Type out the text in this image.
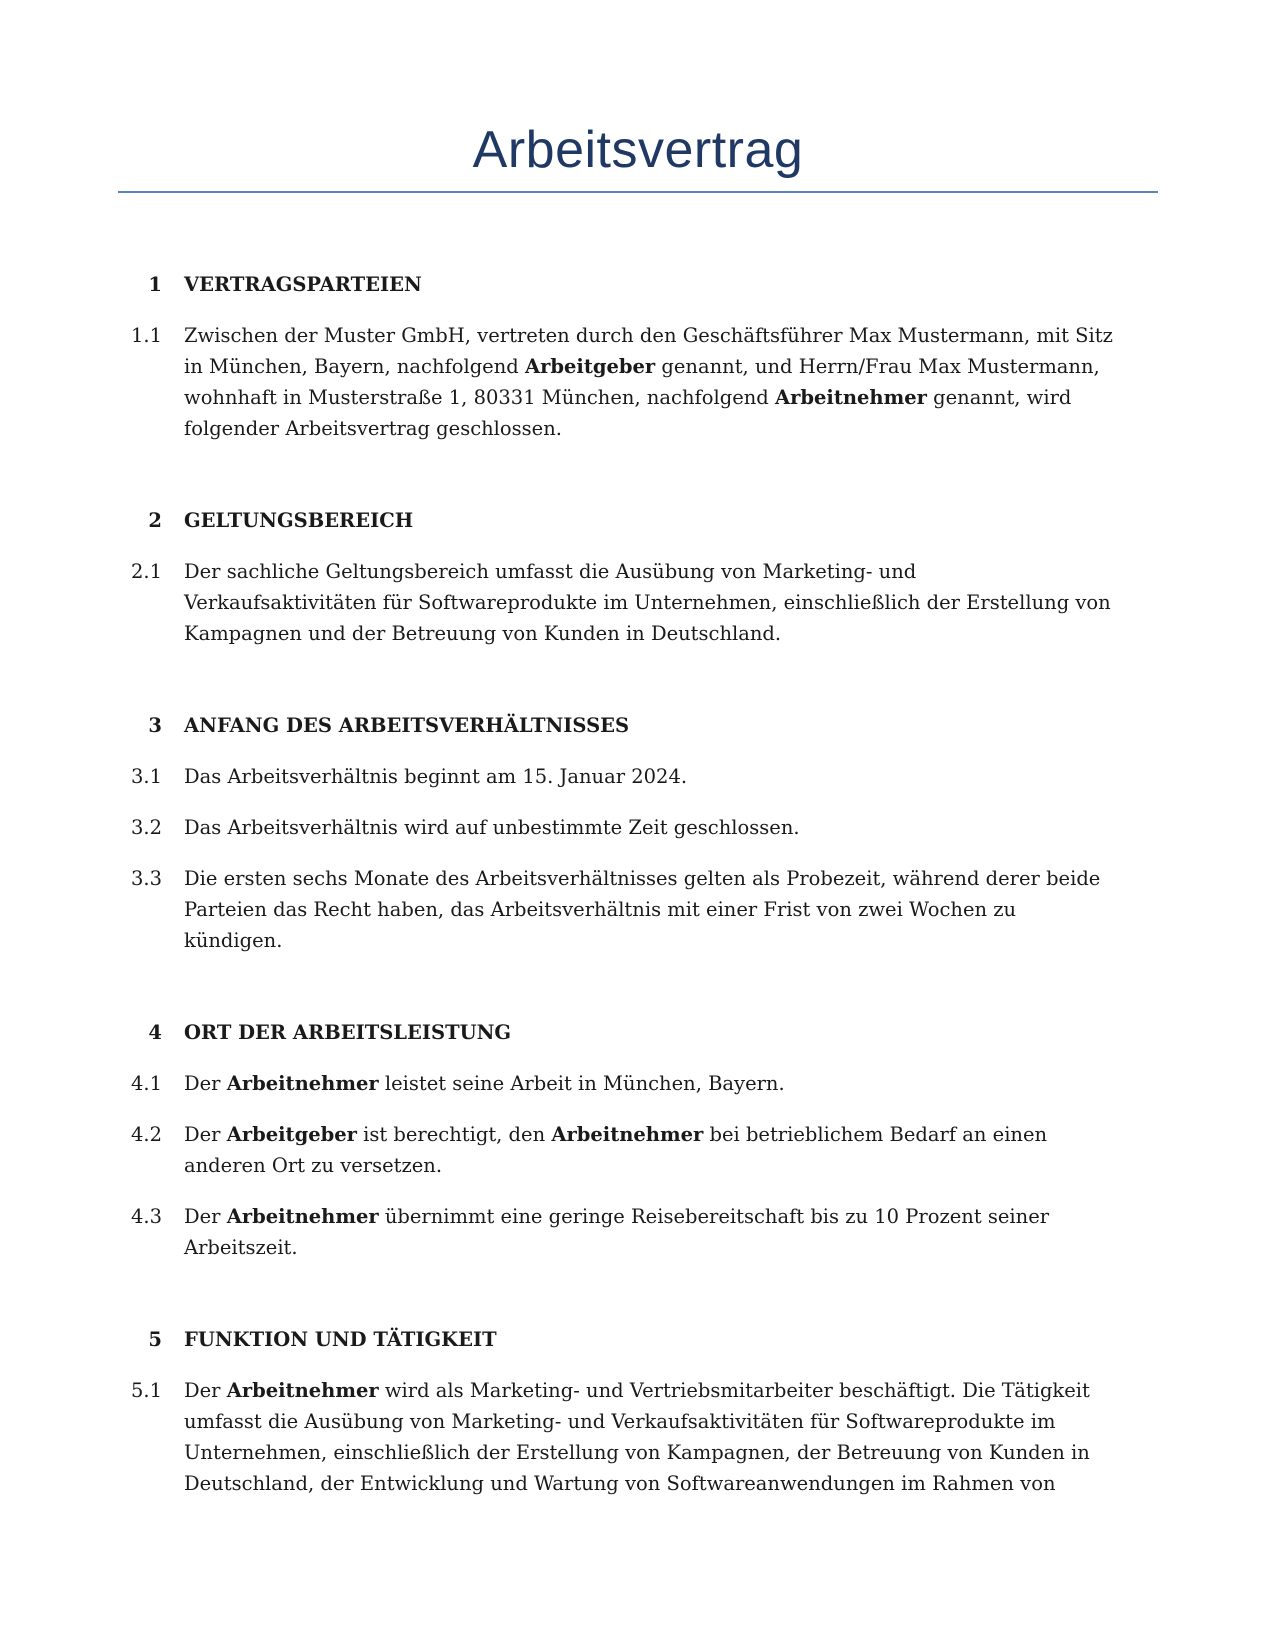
Arbeitsvertrag
1	VERTRAGSPARTEIEN
1.1	Zwischen der Muster GmbH, vertreten durch den Geschäftsführer Max Mustermann, mit Sitz in München, Bayern, nachfolgend Arbeitgeber genannt, und Herrn/Frau Max Mustermann, wohnhaft in Musterstraße 1, 80331 München, nachfolgend Arbeitnehmer genannt, wird folgender Arbeitsvertrag geschlossen.
2	GELTUNGSBEREICH
2.1	Der sachliche Geltungsbereich umfasst die Ausübung von Marketing- und Verkaufsaktivitäten für Softwareprodukte im Unternehmen, einschließlich der Erstellung von Kampagnen und der Betreuung von Kunden in Deutschland.
3	ANFANG DES ARBEITSVERHÄLTNISSES
3.1	Das Arbeitsverhältnis beginnt am 15. Januar 2024.
3.2	Das Arbeitsverhältnis wird auf unbestimmte Zeit geschlossen.
3.3	Die ersten sechs Monate des Arbeitsverhältnisses gelten als Probezeit, während derer beide Parteien das Recht haben, das Arbeitsverhältnis mit einer Frist von zwei Wochen zu kündigen.
4	ORT DER ARBEITSLEISTUNG
4.1	Der Arbeitnehmer leistet seine Arbeit in München, Bayern.
4.2	Der Arbeitgeber ist berechtigt, den Arbeitnehmer bei betrieblichem Bedarf an einen anderen Ort zu versetzen.
4.3	Der Arbeitnehmer übernimmt eine geringe Reisebereitschaft bis zu 10 Prozent seiner Arbeitszeit.
5	FUNKTION UND TÄTIGKEIT
5.1	Der Arbeitnehmer wird als Marketing- und Vertriebsmitarbeiter beschäftigt. Die Tätigkeit umfasst die Ausübung von Marketing- und Verkaufsaktivitäten für Softwareprodukte im Unternehmen, einschließlich der Erstellung von Kampagnen, der Betreuung von Kunden in Deutschland, der Entwicklung und Wartung von Softwareanwendungen im Rahmen von
